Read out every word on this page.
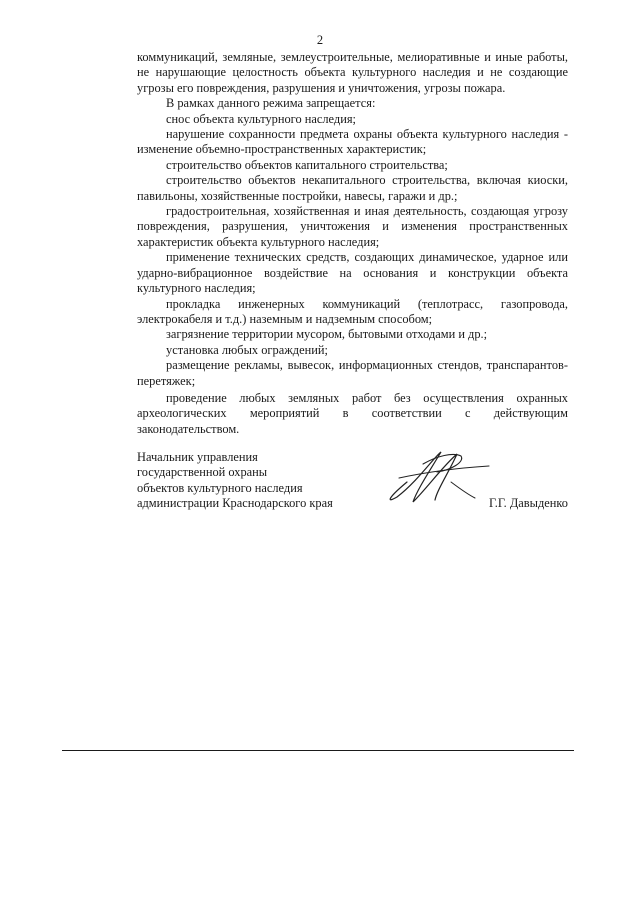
2

коммуникаций, земляные, землеустроительные, мелиоративные и иные работы, не нарушающие целостность объекта культурного наследия и не создающие угрозы его повреждения, разрушения и уничтожения, угрозы пожара.

В рамках данного режима запрещается:

снос объекта культурного наследия;

нарушение сохранности предмета охраны объекта культурного наследия - изменение объемно-пространственных характеристик;

строительство объектов капитального строительства;

строительство объектов некапитального строительства, включая киоски, павильоны, хозяйственные постройки, навесы, гаражи и др.;

градостроительная, хозяйственная и иная деятельность, создающая угрозу повреждения, разрушения, уничтожения и изменения пространственных характеристик объекта культурного наследия;

применение технических средств, создающих динамическое, ударное или ударно-вибрационное воздействие на основания и конструкции объекта культурного наследия;

прокладка инженерных коммуникаций (теплотрасс, газопровода, электрокабеля и т.д.) наземным и надземным способом;

загрязнение территории мусором, бытовыми отходами и др.;

установка любых ограждений;

размещение рекламы, вывесок, информационных стендов, транспарантов-перетяжек;

проведение любых земляных работ без осуществления охранных археологических мероприятий в соответствии с действующим законодательством.

Начальник управления
государственной охраны
объектов культурного наследия
администрации Краснодарского края	Г.Г. Давыденко
